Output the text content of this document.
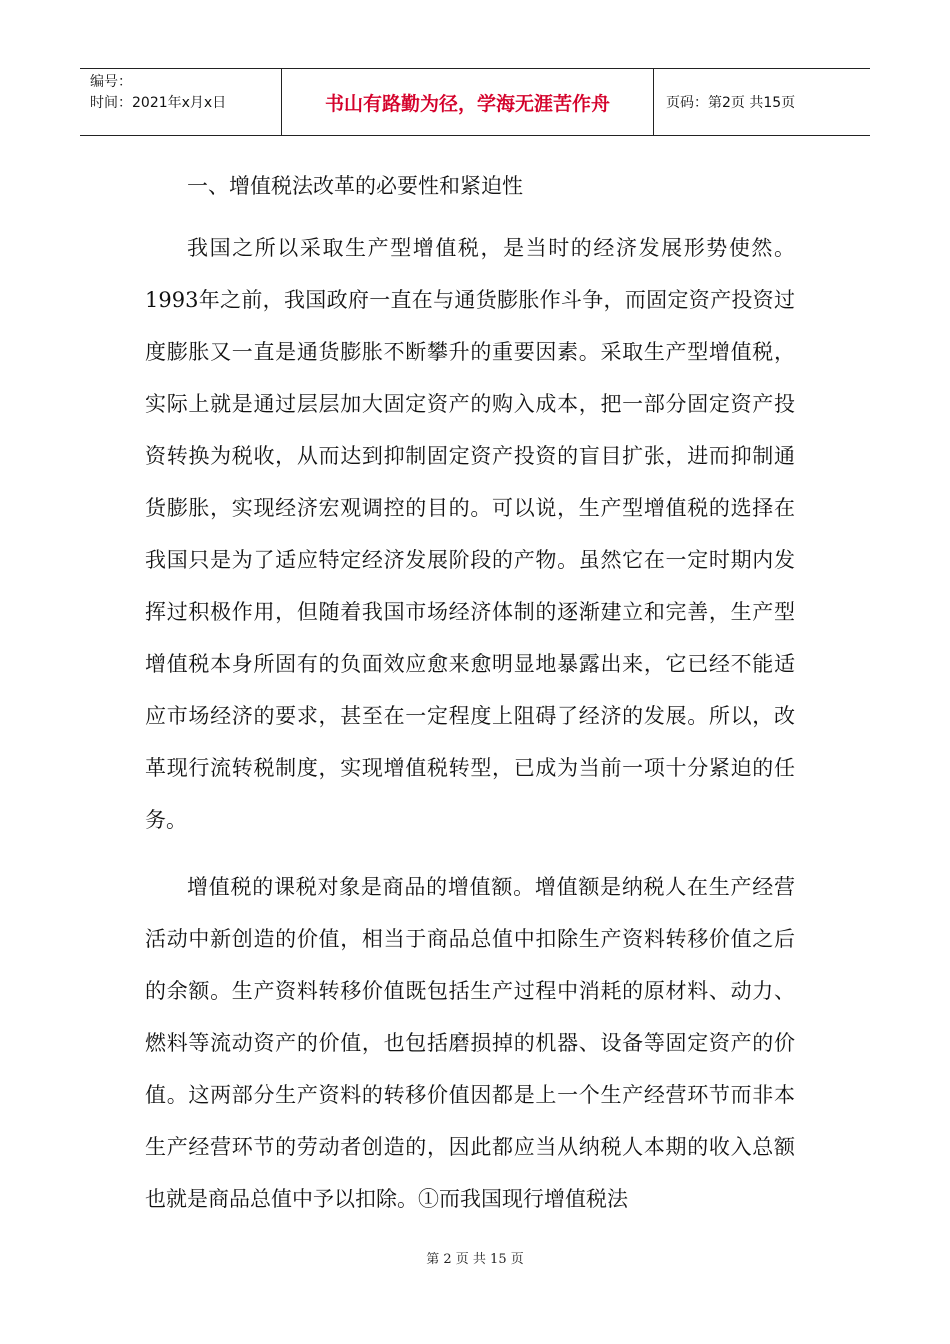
编号：
时间：2021年x月x日	书山有路勤为径，学海无涯苦作舟	页码：第2页 共15页

一、增值税法改革的必要性和紧迫性

我国之所以采取生产型增值税，是当时的经济发展形势使然。1993年之前，我国政府一直在与通货膨胀作斗争，而固定资产投资过度膨胀又一直是通货膨胀不断攀升的重要因素。采取生产型增值税，实际上就是通过层层加大固定资产的购入成本，把一部分固定资产投资转换为税收，从而达到抑制固定资产投资的盲目扩张，进而抑制通货膨胀，实现经济宏观调控的目的。可以说，生产型增值税的选择在我国只是为了适应特定经济发展阶段的产物。虽然它在一定时期内发挥过积极作用，但随着我国市场经济体制的逐渐建立和完善，生产型增值税本身所固有的负面效应愈来愈明显地暴露出来，它已经不能适应市场经济的要求，甚至在一定程度上阻碍了经济的发展。所以，改革现行流转税制度，实现增值税转型，已成为当前一项十分紧迫的任务。

增值税的课税对象是商品的增值额。增值额是纳税人在生产经营活动中新创造的价值，相当于商品总值中扣除生产资料转移价值之后的余额。生产资料转移价值既包括生产过程中消耗的原材料、动力、燃料等流动资产的价值，也包括磨损掉的机器、设备等固定资产的价值。这两部分生产资料的转移价值因都是上一个生产经营环节而非本生产经营环节的劳动者创造的，因此都应当从纳税人本期的收入总额也就是商品总值中予以扣除。①而我国现行增值税法

第 2 页 共 15 页
